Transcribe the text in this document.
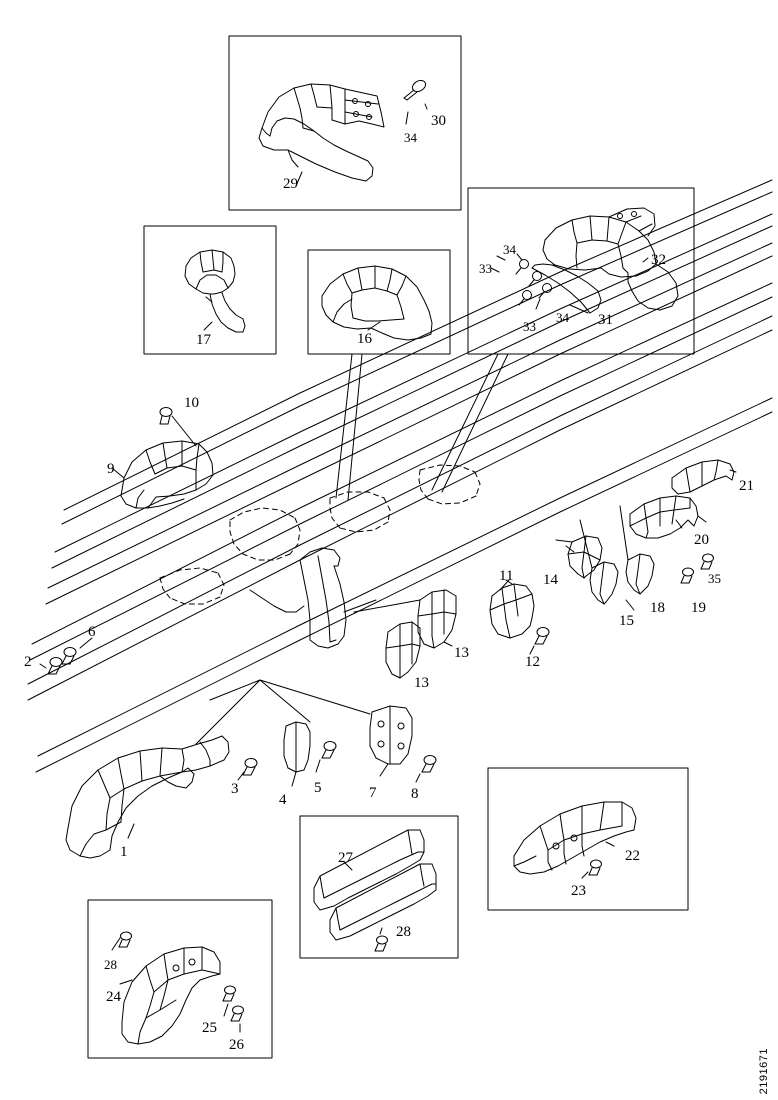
1
2
3
4
5
6
7 8
9
10
11
12
13
13
14
15
16
17
18 19
20
21
22
23
24
25
26
27
28
29
30
31
32
33
33
34
34
34
35
28
2191671
